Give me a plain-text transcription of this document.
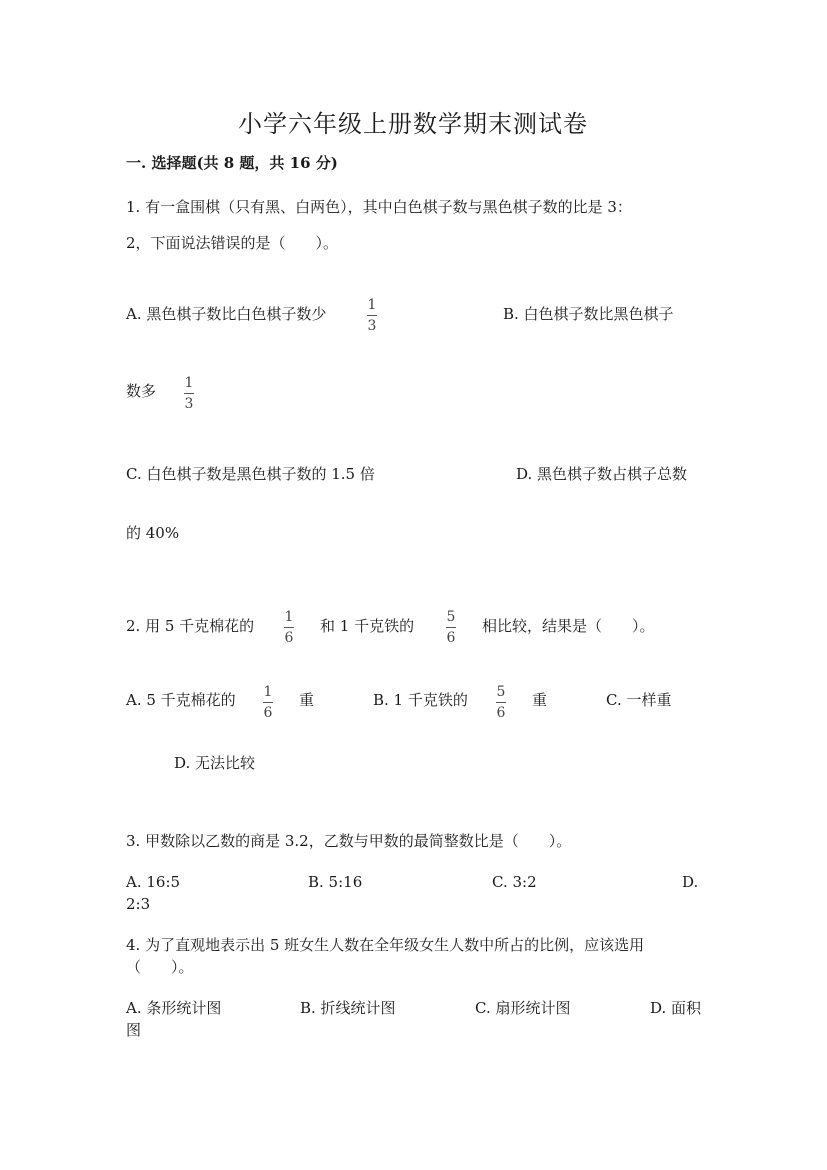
小学六年级上册数学期末测试卷
一. 选择题(共 8 题，共 16 分)
1. 有一盒围棋（只有黑、白两色），其中白色棋子数与黑色棋子数的比是 3：
2，下面说法错误的是（　　）。
A. 黑色棋子数比白色棋子数少	1
3
B. 白色棋子数比黑色棋子
数多 1
3
C. 白色棋子数是黑色棋子数的 1.5 倍	D. 黑色棋子数占棋子总数
的 40%
2. 用 5 千克棉花的 1
6
和 1 千克铁的 5
6
相比较，结果是（　　）。
A. 5 千克棉花的 1
6
重	B. 1 千克铁的 5
6
重	C. 一样重
D. 无法比较
3. 甲数除以乙数的商是 3.2，乙数与甲数的最简整数比是（　　）。
A. 16:5	B. 5:16	C. 3:2	D.
2:3
4. 为了直观地表示出 5 班女生人数在全年级女生人数中所占的比例，应该选用
（　　）。
A. 条形统计图	B. 折线统计图	C. 扇形统计图	D. 面积
图
